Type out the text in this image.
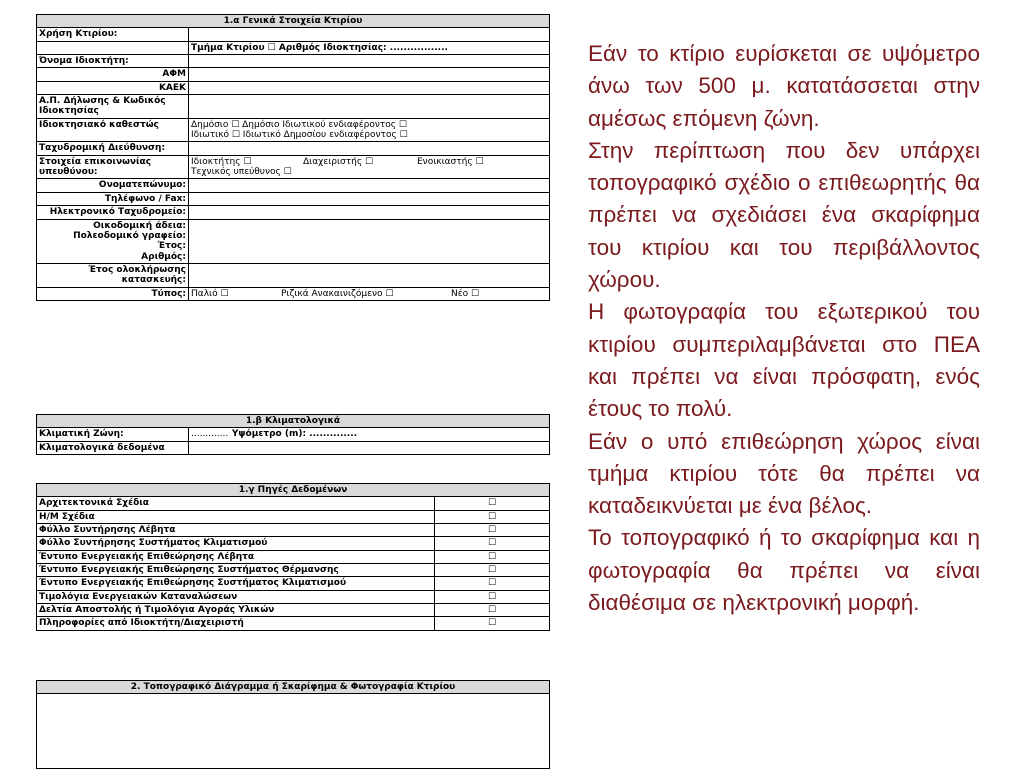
1.α Γενικά Στοιχεία Κτιρίου	
Χρήση Κτιρίου:	
	Τμήμα Κτιρίου ☐ Αριθμός Ιδιοκτησίας: .................
Όνομα Ιδιοκτήτη:	
ΑΦΜ	
ΚΑΕΚ	
Α.Π. Δήλωσης & Κωδικός Ιδιοκτησίας	
Ιδιοκτησιακό καθεστώς	Δημόσιο ☐ Δημόσιο Ιδιωτικού ενδιαφέροντος ☐
Ιδιωτικό ☐ Ιδιωτικό Δημοσίου ενδιαφέροντος ☐

Ταχυδρομική Διεύθυνση:	
Στοιχεία επικοινωνίας υπευθύνου:	Ιδιοκτήτης ☐ Διαχειριστής ☐ Ενοικιαστής ☐
Τεχνικός υπεύθυνος ☐

Ονοματεπώνυμο:	
Τηλέφωνο / Fax:	
Ηλεκτρονικό Ταχυδρομείο:	

Οικοδομική άδεια:
Πολεοδομικό γραφείο:
Έτος:
Αριθμός:	

Έτος ολοκλήρωσης κατασκευής:	
Τύπος:	Παλιό ☐ Ριζικά Ανακαινιζόμενο ☐ Νέο ☐
1.β Κλιματολογικά	
Κλιματική Ζώνη:	............. Υψόμετρο (m): ..............
Κλιματολογικά δεδομένα	
1.γ Πηγές Δεδομένων	
Αρχιτεκτονικά Σχέδια	☐
Η/Μ Σχέδια	☐
Φύλλο Συντήρησης Λέβητα	☐
Φύλλο Συντήρησης Συστήματος Κλιματισμού	☐
Έντυπο Ενεργειακής Επιθεώρησης Λέβητα	☐
Έντυπο Ενεργειακής Επιθεώρησης Συστήματος Θέρμανσης	☐
Έντυπο Ενεργειακής Επιθεώρησης Συστήματος Κλιματισμού	☐
Τιμολόγια Ενεργειακών Καταναλώσεων	☐
Δελτία Αποστολής ή Τιμολόγια Αγοράς Υλικών	☐
Πληροφορίες από Ιδιοκτήτη/Διαχειριστή	☐
2. Τοπογραφικό Διάγραμμα ή Σκαρίφημα & Φωτογραφία Κτιρίου

Εάν το κτίριο ευρίσκεται σε υψόμετρο άνω των 500 μ. κατατάσσεται στην αμέσως επόμενη ζώνη.

Στην περίπτωση που δεν υπάρχει τοπογραφικό σχέδιο ο επιθεωρητής θα πρέπει να σχεδιάσει ένα σκαρίφημα του κτιρίου και του περιβάλλοντος χώρου.

Η φωτογραφία του εξωτερικού του κτιρίου συμπεριλαμβάνεται στο ΠΕΑ και πρέπει να είναι πρόσφατη, ενός έτους το πολύ.

Εάν ο υπό επιθεώρηση χώρος είναι τμήμα κτιρίου τότε θα πρέπει να καταδεικνύεται με ένα βέλος.

Το τοπογραφικό ή το σκαρίφημα και η φωτογραφία θα πρέπει να είναι διαθέσιμα σε ηλεκτρονική μορφή.
